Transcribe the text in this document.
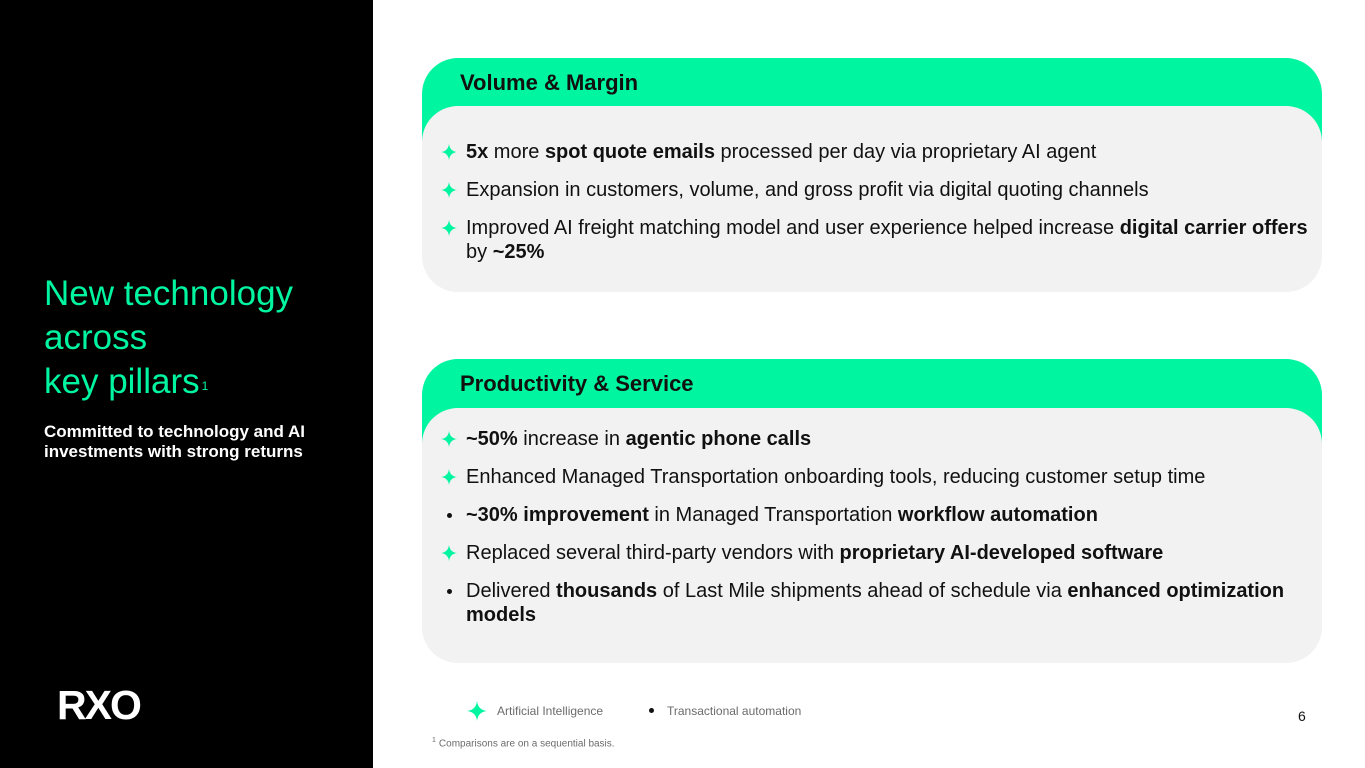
New technology
across
key pillars $^1$

Committed to technology and AI investments with strong returns

RXO
Volume & Margin
5x more spot quote emails processed per day via proprietary AI agent
Expansion in customers, volume, and gross profit via digital quoting channels
Improved AI freight matching model and user experience helped increase digital carrier offers by ~25%
Productivity & Service
~50% increase in agentic phone calls
Enhanced Managed Transportation onboarding tools, reducing customer setup time
~30% improvement in Managed Transportation workflow automation
Replaced several third-party vendors with proprietary AI-developed software
Delivered thousands of Last Mile shipments ahead of schedule via enhanced optimization models
Artificial Intelligence	Transactional automation
$^1$ Comparisons are on a sequential basis.
6
